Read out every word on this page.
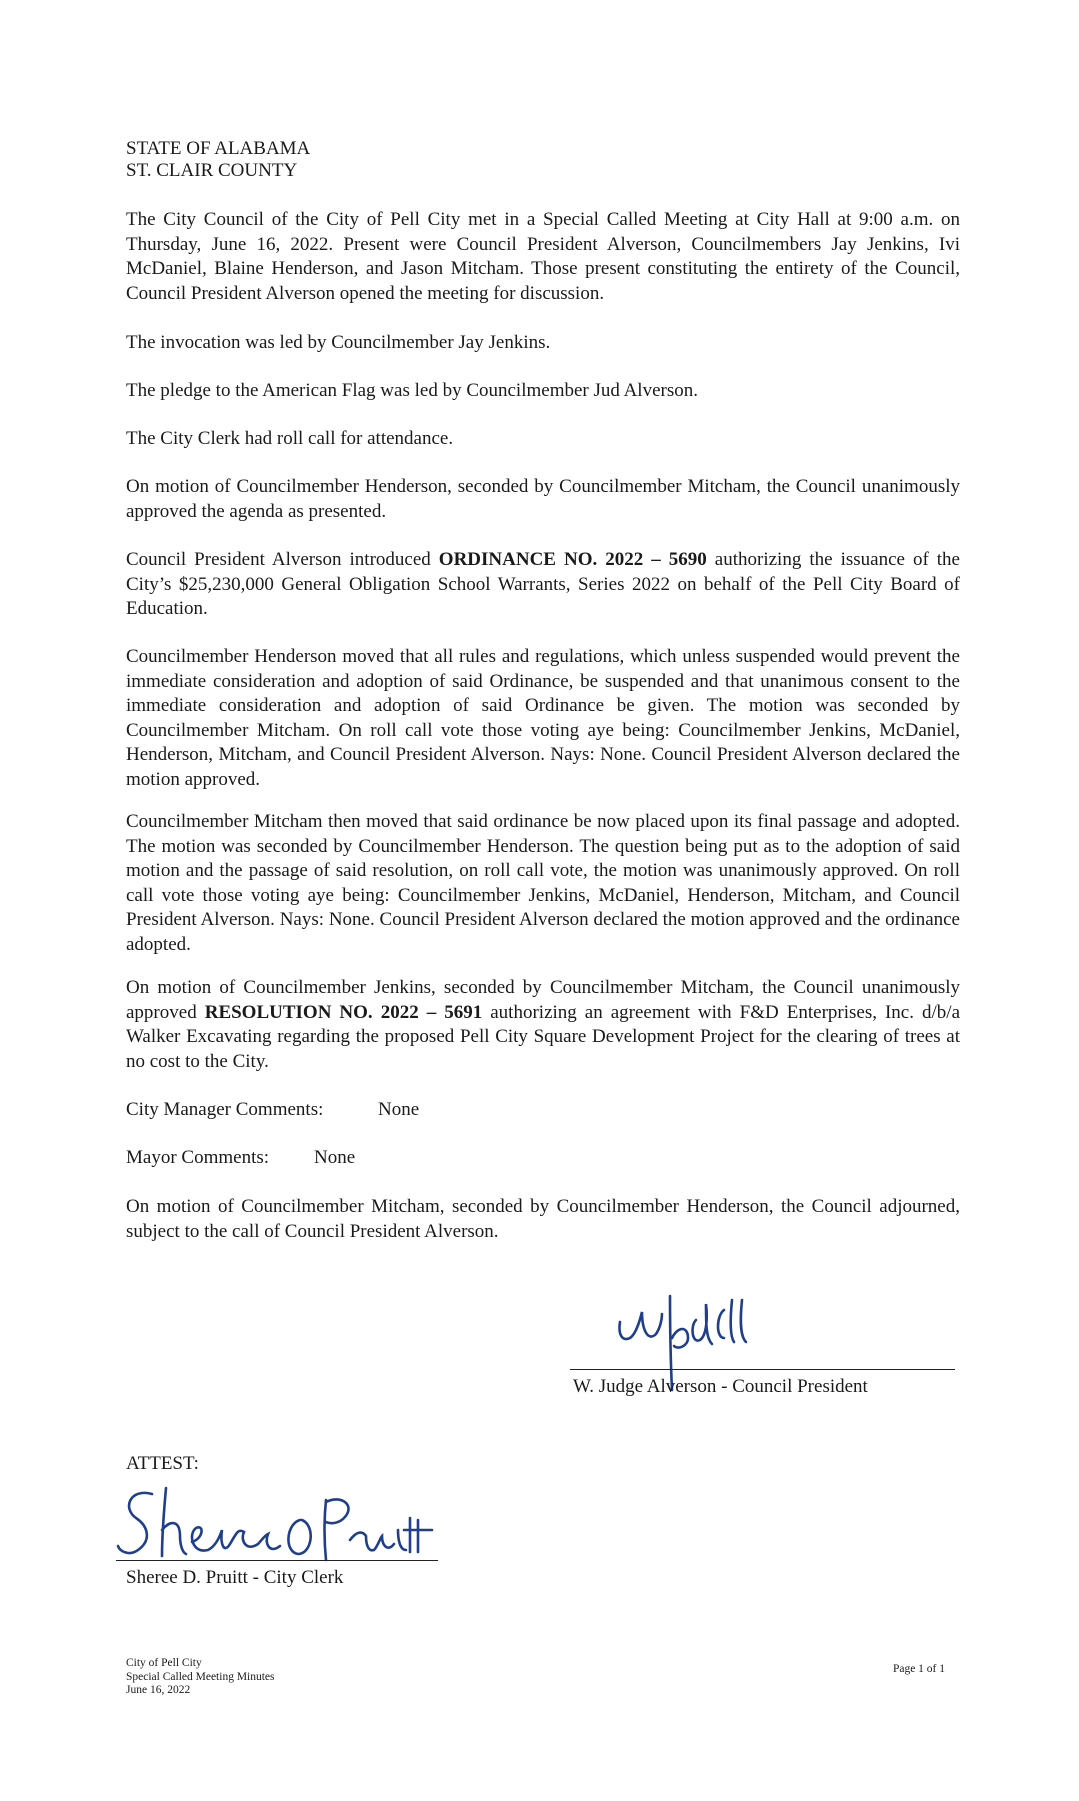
STATE OF ALABAMA

ST. CLAIR COUNTY

The City Council of the City of Pell City met in a Special Called Meeting at City Hall at 9:00 a.m. on Thursday, June 16, 2022. Present were Council President Alverson, Councilmembers Jay Jenkins, Ivi McDaniel, Blaine Henderson, and Jason Mitcham. Those present constituting the entirety of the Council, Council President Alverson opened the meeting for discussion.

The invocation was led by Councilmember Jay Jenkins.

The pledge to the American Flag was led by Councilmember Jud Alverson.

The City Clerk had roll call for attendance.

On motion of Councilmember Henderson, seconded by Councilmember Mitcham, the Council unanimously approved the agenda as presented.

Council President Alverson introduced ORDINANCE NO. 2022 – 5690 authorizing the issuance of the City’s $25,230,000 General Obligation School Warrants, Series 2022 on behalf of the Pell City Board of Education.

Councilmember Henderson moved that all rules and regulations, which unless suspended would prevent the immediate consideration and adoption of said Ordinance, be suspended and that unanimous consent to the immediate consideration and adoption of said Ordinance be given. The motion was seconded by Councilmember Mitcham. On roll call vote those voting aye being: Councilmember Jenkins, McDaniel, Henderson, Mitcham, and Council President Alverson. Nays: None. Council President Alverson declared the motion approved.

Councilmember Mitcham then moved that said ordinance be now placed upon its final passage and adopted. The motion was seconded by Councilmember Henderson. The question being put as to the adoption of said motion and the passage of said resolution, on roll call vote, the motion was unanimously approved. On roll call vote those voting aye being: Councilmember Jenkins, McDaniel, Henderson, Mitcham, and Council President Alverson. Nays: None. Council President Alverson declared the motion approved and the ordinance adopted.

On motion of Councilmember Jenkins, seconded by Councilmember Mitcham, the Council unanimously approved RESOLUTION NO. 2022 – 5691 authorizing an agreement with F&D Enterprises, Inc. d/b/a Walker Excavating regarding the proposed Pell City Square Development Project for the clearing of trees at no cost to the City.

City Manager Comments:	None
Mayor Comments: None

On motion of Councilmember Mitcham, seconded by Councilmember Henderson, the Council adjourned, subject to the call of Council President Alverson.

W. Judge Alverson - Council President

ATTEST:

Sheree D. Pruitt - City Clerk

City of Pell City

Special Called Meeting Minutes

June 16, 2022

Page 1 of 1
